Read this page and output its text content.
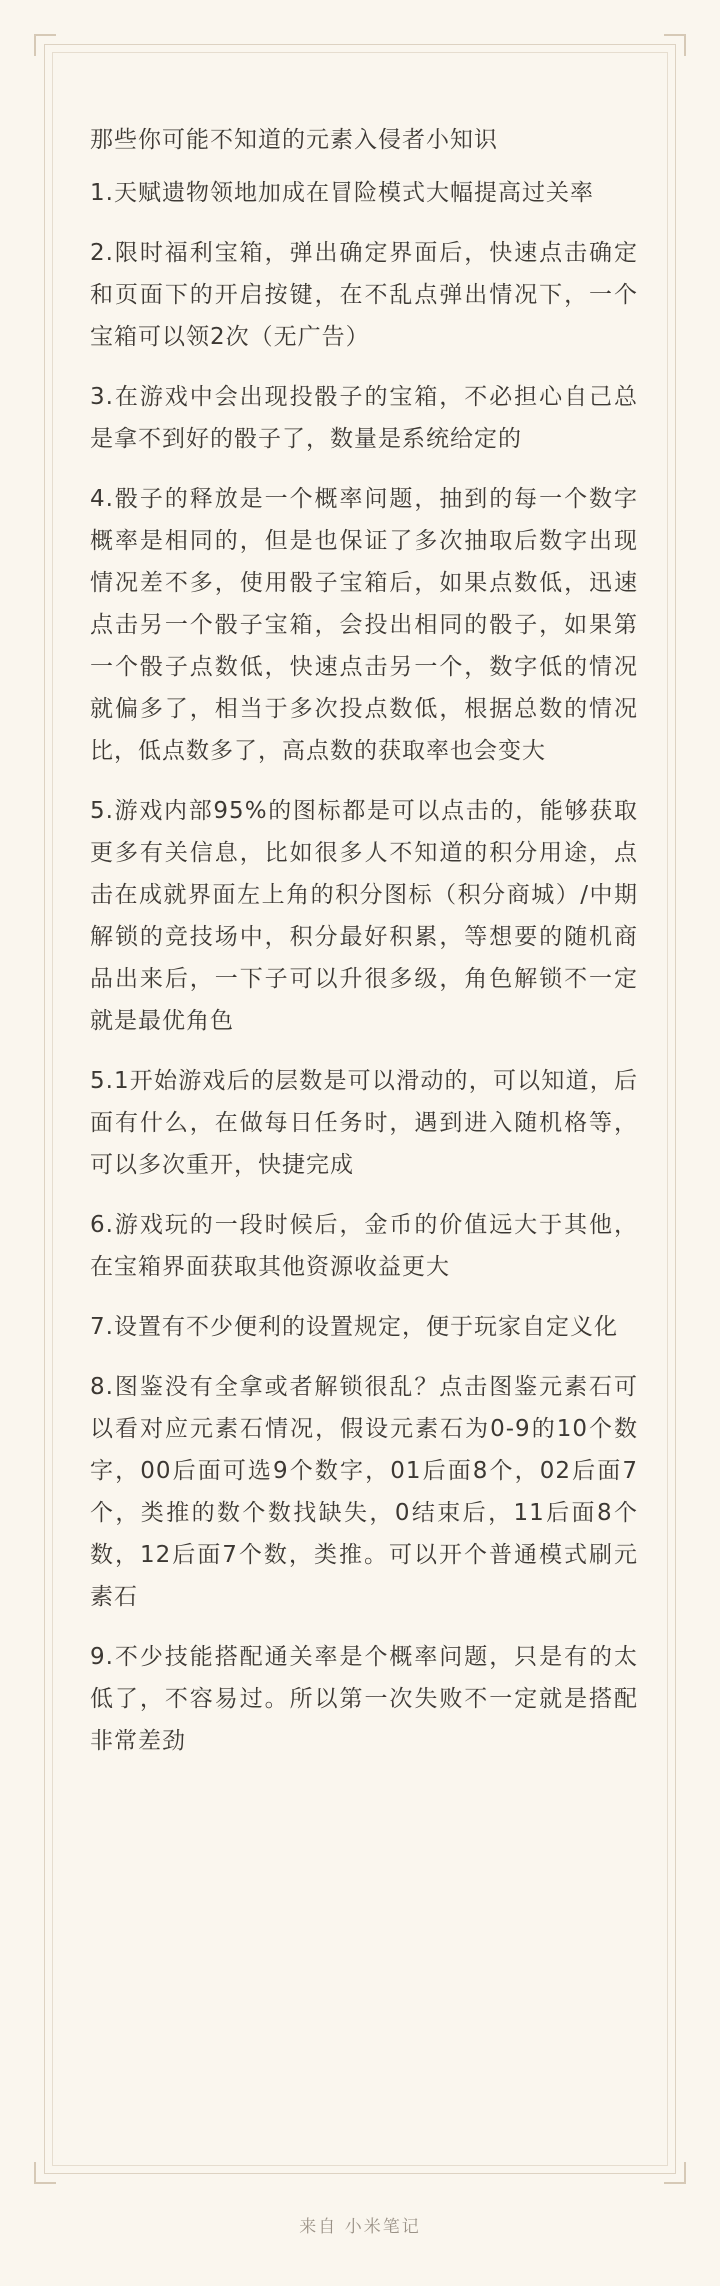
那些你可能不知道的元素入侵者小知识

1.天赋遗物领地加成在冒险模式大幅提高过关率

2.限时福利宝箱，弹出确定界面后，快速点击确定和页面下的开启按键，在不乱点弹出情况下，一个宝箱可以领2次（无广告）

3.在游戏中会出现投骰子的宝箱，不必担心自己总是拿不到好的骰子了，数量是系统给定的

4.骰子的释放是一个概率问题，抽到的每一个数字概率是相同的，但是也保证了多次抽取后数字出现情况差不多，使用骰子宝箱后，如果点数低，迅速点击另一个骰子宝箱，会投出相同的骰子，如果第一个骰子点数低，快速点击另一个，数字低的情况就偏多了，相当于多次投点数低，根据总数的情况比，低点数多了，高点数的获取率也会变大

5.游戏内部95%的图标都是可以点击的，能够获取更多有关信息，比如很多人不知道的积分用途，点击在成就界面左上角的积分图标（积分商城）/中期解锁的竞技场中，积分最好积累，等想要的随机商品出来后，一下子可以升很多级，角色解锁不一定就是最优角色

5.1开始游戏后的层数是可以滑动的，可以知道，后面有什么，在做每日任务时，遇到进入随机格等，可以多次重开，快捷完成

6.游戏玩的一段时候后，金币的价值远大于其他，在宝箱界面获取其他资源收益更大

7.设置有不少便利的设置规定，便于玩家自定义化

8.图鉴没有全拿或者解锁很乱？点击图鉴元素石可以看对应元素石情况，假设元素石为0-9的10个数字，00后面可选9个数字，01后面8个，02后面7个，类推的数个数找缺失，0结束后，11后面8个数，12后面7个数，类推。可以开个普通模式刷元素石

9.不少技能搭配通关率是个概率问题，只是有的太低了，不容易过。所以第一次失败不一定就是搭配非常差劲

来自 小米笔记
